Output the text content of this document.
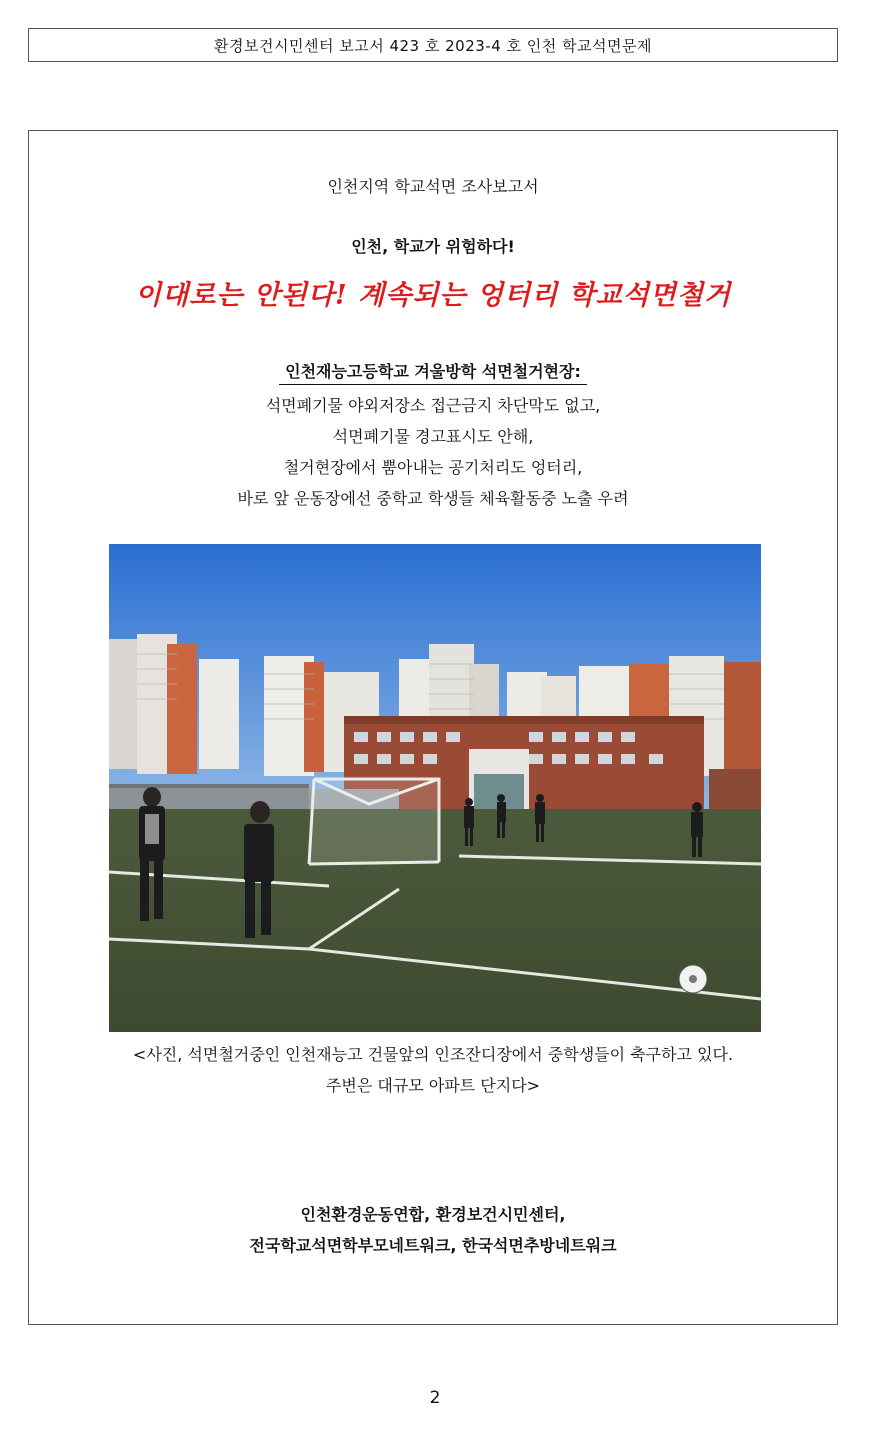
환경보건시민센터 보고서 423 호 2023-4 호 인천 학교석면문제
인천지역 학교석면 조사보고서
인천, 학교가 위험하다!
이대로는 안된다! 계속되는 엉터리 학교석면철거
인천재능고등학교 겨울방학 석면철거현장:
석면폐기물 야외저장소 접근금지 차단막도 없고,
석면폐기물 경고표시도 안해,
철거현장에서 뿜아내는 공기처리도 엉터리,
바로 앞 운동장에선 중학교 학생들 체육활동중 노출 우려
<사진, 석면철거중인 인천재능고 건물앞의 인조잔디장에서 중학생들이 축구하고 있다.
주변은 대규모 아파트 단지다>
인천환경운동연합, 환경보건시민센터,
전국학교석면학부모네트워크, 한국석면추방네트워크
2
